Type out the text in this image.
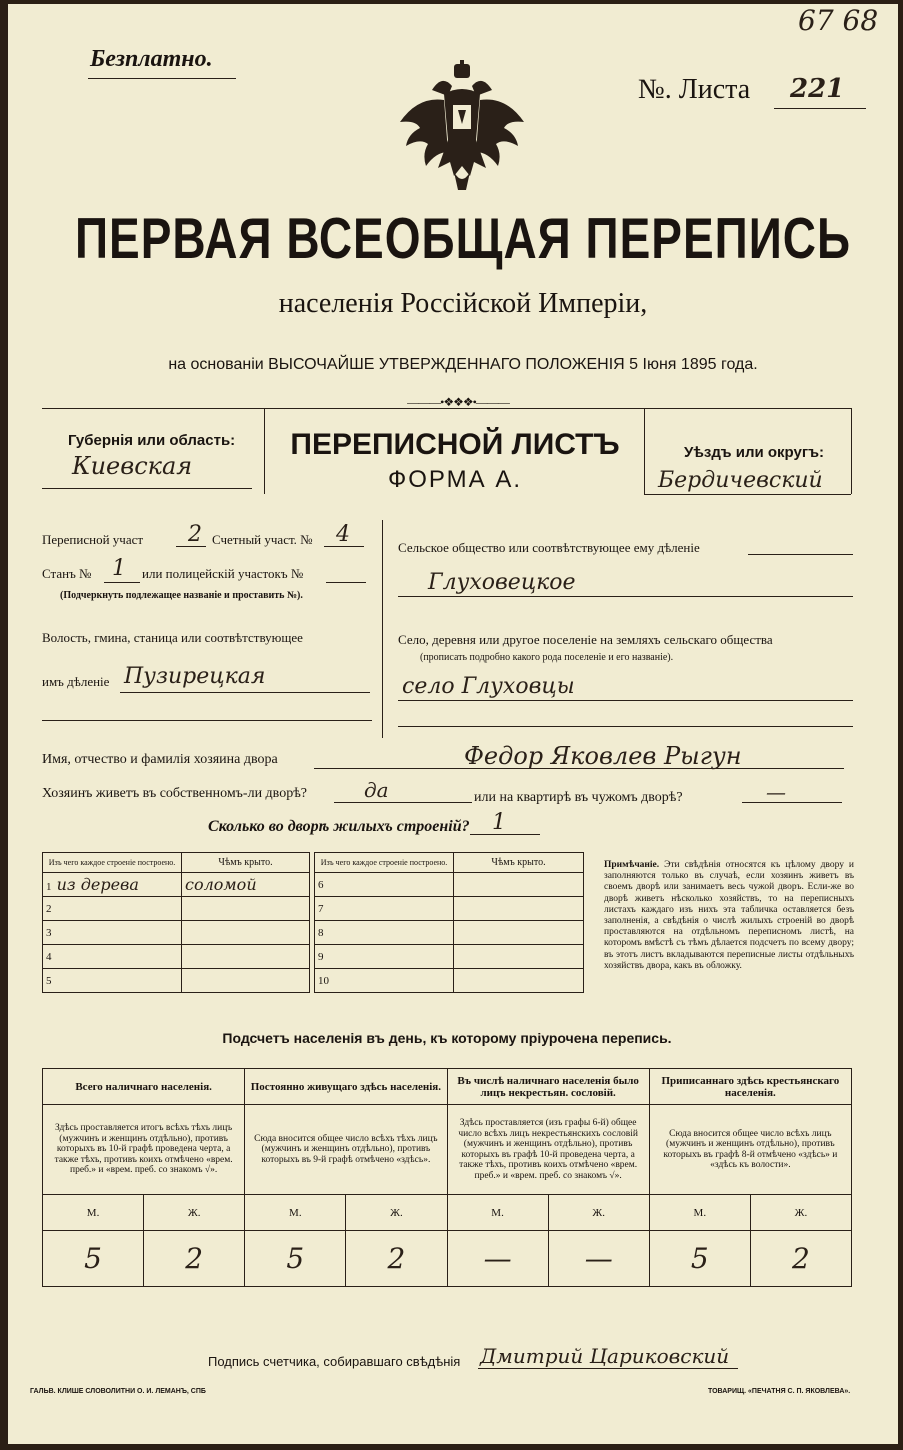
67 68
Безплатно.
№. Листа 221
ПЕРВАЯ ВСЕОБЩАЯ ПЕРЕПИСЬ
населенія Россійской Имперіи,
на основаніи ВЫСОЧАЙШЕ УТВЕРЖДЕННАГО ПОЛОЖЕНІЯ 5 Іюня 1895 года.
———•❖❖❖•———
Губернія или область:
Киевская
ПЕРЕПИСНОЙ ЛИСТЪ
ФОРМА А.
Уѣздъ или округъ:
Бердичевский
Переписной участ 2 Счетный участ. № 4
Станъ № 1 или полицейскій участокъ №
(Подчеркнуть подлежащее названіе и проставить №).
Волость, гмина, станица или соотвѣтствующее
имъ дѣленіе Пузирецкая
Сельское общество или соотвѣтствующее ему дѣленіе
Глуховецкое
Село, деревня или другое поселеніе на земляхъ сельскаго общества
(прописать подробно какого рода поселеніе и его названіе).
село Глуховцы
Имя, отчество и фамилія хозяина двора	Федор Яковлев Рыгун
Хозяинъ живетъ въ собственномъ-ли дворѣ?	да	или на квартирѣ въ чужомъ дворѣ?	—
Сколько во дворѣ жилыхъ строеній? 1
Изъ чего каждое строеніе построено.	Чѣмъ крыто.
1 из дерева	соломой
2	
3	
4	
5	
Изъ чего каждое строеніе построено.	Чѣмъ крыто.
6	
7	
8	
9	
10	
Примѣчаніе. Эти свѣдѣнія относятся къ цѣлому двору и заполняются только въ случаѣ, если хозяинъ живетъ въ своемъ дворѣ или занимаетъ весь чужой дворъ. Если-же во дворѣ живетъ нѣсколько хозяйствъ, то на переписныхъ листахъ каждаго изъ нихъ эта табличка оставляется безъ заполненія, а свѣдѣнія о числѣ жилыхъ строеній во дворѣ проставляются на отдѣльномъ переписномъ листѣ, на которомъ вмѣстѣ съ тѣмъ дѣлается подсчетъ по всему двору; въ этотъ листъ вкладываются переписные листы отдѣльныхъ хозяйствъ двора, какъ въ обложку.
Подсчетъ населенія въ день, къ которому пріурочена перепись.
Всего наличнаго населенія.		Постоянно живущаго здѣсь населенія.		Въ числѣ наличнаго населенія было лицъ некрестьян. сословій.		Приписаннаго здѣсь крестьянскаго населенія.	
Здѣсь проставляется итогъ всѣхъ тѣхъ лицъ (мужчинъ и женщинъ отдѣльно), противъ которыхъ въ 10-й графѣ проведена черта, а также тѣхъ, противъ коихъ отмѣчено «врем. преб.» и «врем. преб. со знакомъ √».		Сюда вносится общее число всѣхъ тѣхъ лицъ (мужчинъ и женщинъ отдѣльно), противъ которыхъ въ 9-й графѣ отмѣчено «здѣсь».		Здѣсь проставляется (изъ графы 6-й) общее число всѣхъ лицъ некрестьянскихъ сословій (мужчинъ и женщинъ отдѣльно), противъ которыхъ въ графѣ 10-й проведена черта, а также тѣхъ, противъ коихъ отмѣчено «врем. преб.» и «врем. преб. со знакомъ √».		Сюда вносится общее число всѣхъ лицъ (мужчинъ и женщинъ отдѣльно), противъ которыхъ въ графѣ 8-й отмѣчено «здѣсь» и «здѣсь къ волости».	
М.	Ж.	М.	Ж.	М.	Ж.	М.	Ж.
5	2	5	2	—	—	5	2
Подпись счетчика, собиравшаго свѣдѣнія Дмитрий Цариковский
ГАЛЬВ. КЛИШЕ СЛОВОЛИТНИ О. И. ЛЕМАНЪ, СПБ	ТОВАРИЩ. «ПЕЧАТНЯ С. П. ЯКОВЛЕВА».
